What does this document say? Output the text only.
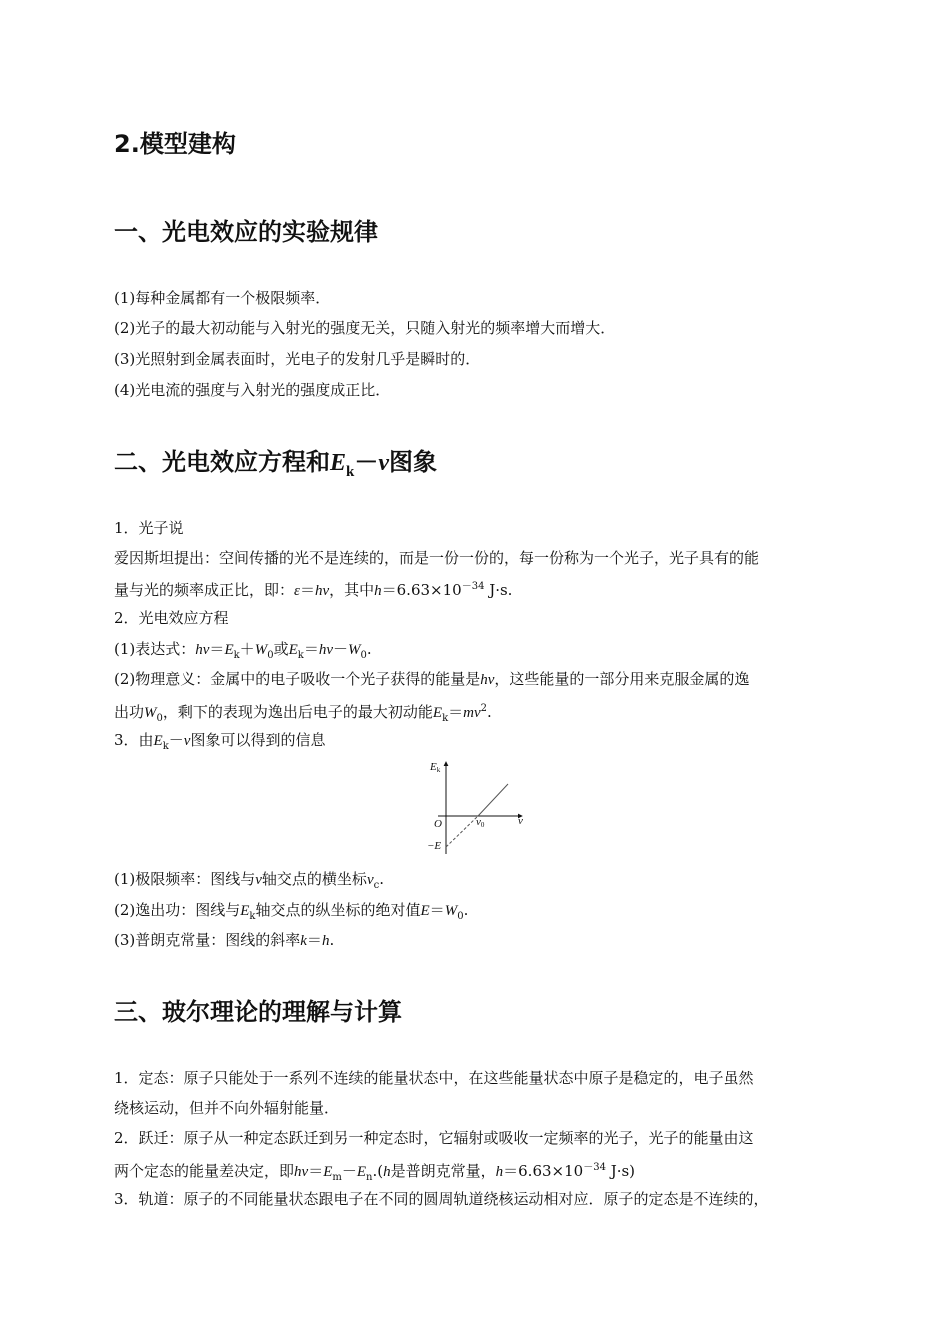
2.模型建构
一、光电效应的实验规律

(1)每种金属都有一个极限频率．

(2)光子的最大初动能与入射光的强度无关，只随入射光的频率增大而增大．

(3)光照射到金属表面时，光电子的发射几乎是瞬时的．

(4)光电流的强度与入射光的强度成正比．

二、光电效应方程和$E_k-\nu$图象

1．光子说

爱因斯坦提出：空间传播的光不是连续的，而是一份一份的，每一份称为一个光子，光子具有的能

量与光的频率成正比，即：ε＝hν，其中$h=6.63\times 10^{-34}$ J·s.

2．光电效应方程

(1)表达式：$h\nu=E_k+W_0$或$E_k=h\nu-W_0$.

(2)物理意义：金属中的电子吸收一个光子获得的能量是hν，这些能量的一部分用来克服金属的逸

出功$W_0$，剩下的表现为逸出后电子的最大初动能$E_k=mv^2$.

3．由$E_k-\nu$图象可以得到的信息

Ek
O	ν0	ν
−E

(1)极限频率：图线与ν轴交点的横坐标$\nu_c$.

(2)逸出功：图线与$E_k$轴交点的纵坐标的绝对值$E=W_0$.

(3)普朗克常量：图线的斜率k＝h.

三、玻尔理论的理解与计算

1．定态：原子只能处于一系列不连续的能量状态中，在这些能量状态中原子是稳定的，电子虽然

绕核运动，但并不向外辐射能量．

2．跃迁：原子从一种定态跃迁到另一种定态时，它辐射或吸收一定频率的光子，光子的能量由这

两个定态的能量差决定，即$h\nu=E_m-E_n.(h$是普朗克常量，$h=6.63\times 10^{-34}$ J·s)

3．轨道：原子的不同能量状态跟电子在不同的圆周轨道绕核运动相对应．原子的定态是不连续的，
